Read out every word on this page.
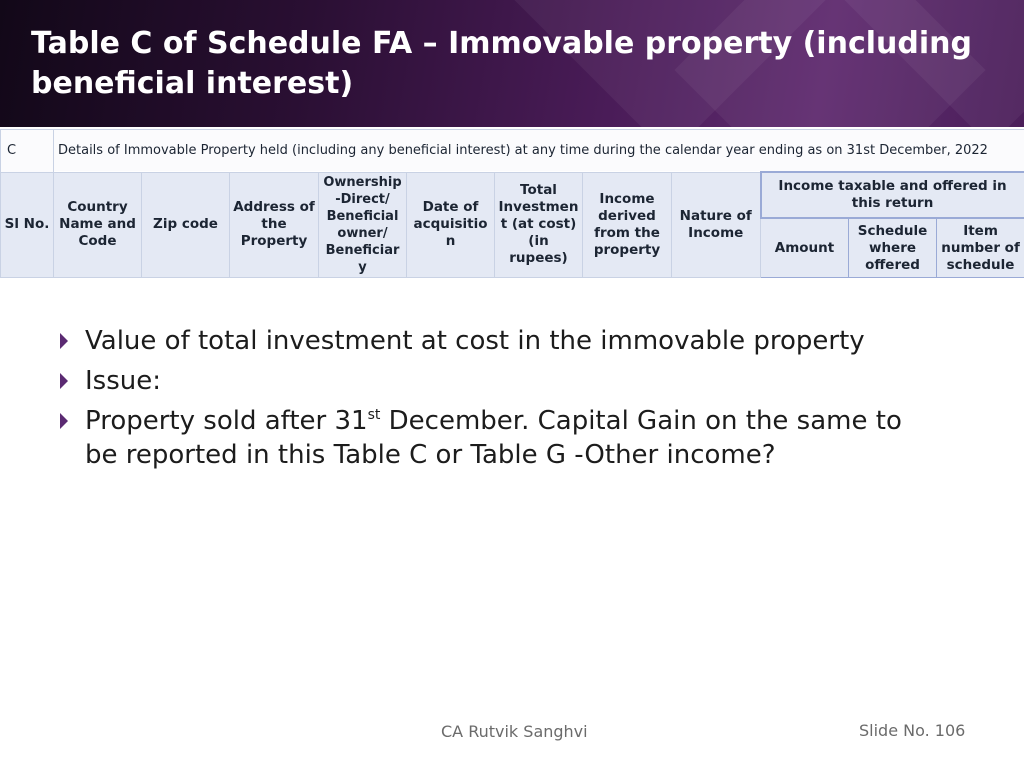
Table C of Schedule FA – Immovable property (including beneficial interest)
C	Details of Immovable Property held (including any beneficial interest) at any time during the calendar year ending as on 31st December, 2022										
Sl No.	Country Name and Code	Zip code	Address of the Property	Ownership -Direct/ Beneficial owner/ Beneficiar y	Date of acquisition	Total Investmen t (at cost) (in rupees)	Income derived from the property	Nature of Income	Income taxable and offered in this return		
									Amount	Schedule where offered	Item number of schedule
Value of total investment at cost in the immovable property
Issue:
Property sold after 31st December. Capital Gain on the same to be reported in this Table C or Table G -Other income?
CA Rutvik Sanghvi	Slide No. 106
